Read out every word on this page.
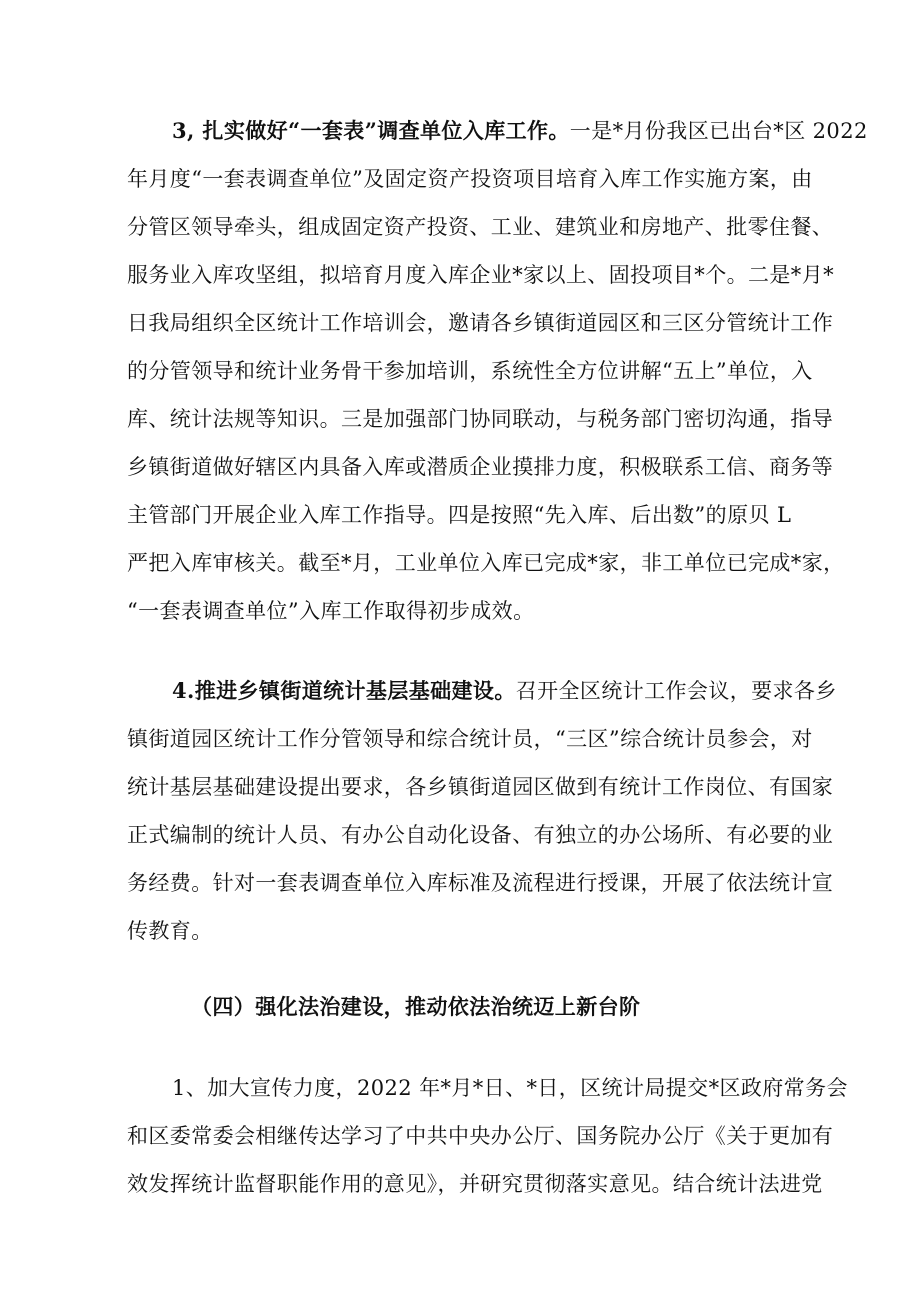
3, 扎实做好“一套表”调查单位入库工作。一是*月份我区已出台*区 2022

年月度“一套表调查单位”及固定资产投资项目培育入库工作实施方案，由

分管区领导牵头，组成固定资产投资、工业、建筑业和房地产、批零住餐、

服务业入库攻坚组，拟培育月度入库企业*家以上、固投项目*个。二是*月*

日我局组织全区统计工作培训会，邀请各乡镇街道园区和三区分管统计工作

的分管领导和统计业务骨干参加培训，系统性全方位讲解“五上”单位，入

库、统计法规等知识。三是加强部门协同联动，与税务部门密切沟通，指导

乡镇街道做好辖区内具备入库或潜质企业摸排力度，积极联系工信、商务等

主管部门开展企业入库工作指导。四是按照“先入库、后出数”的原贝 L

严把入库审核关。截至*月，工业单位入库已完成*家，非工单位已完成*家，

“一套表调查单位”入库工作取得初步成效。

4.推进乡镇街道统计基层基础建设。召开全区统计工作会议，要求各乡

镇街道园区统计工作分管领导和综合统计员，“三区”综合统计员参会，对

统计基层基础建设提出要求，各乡镇街道园区做到有统计工作岗位、有国家

正式编制的统计人员、有办公自动化设备、有独立的办公场所、有必要的业

务经费。针对一套表调查单位入库标准及流程进行授课，开展了依法统计宣

传教育。

（四）强化法治建设，推动依法治统迈上新台阶

1、加大宣传力度，2022 年*月*日、*日，区统计局提交*区政府常务会

和区委常委会相继传达学习了中共中央办公厅、国务院办公厅《关于更加有

效发挥统计监督职能作用的意见》，并研究贯彻落实意见。结合统计法进党
